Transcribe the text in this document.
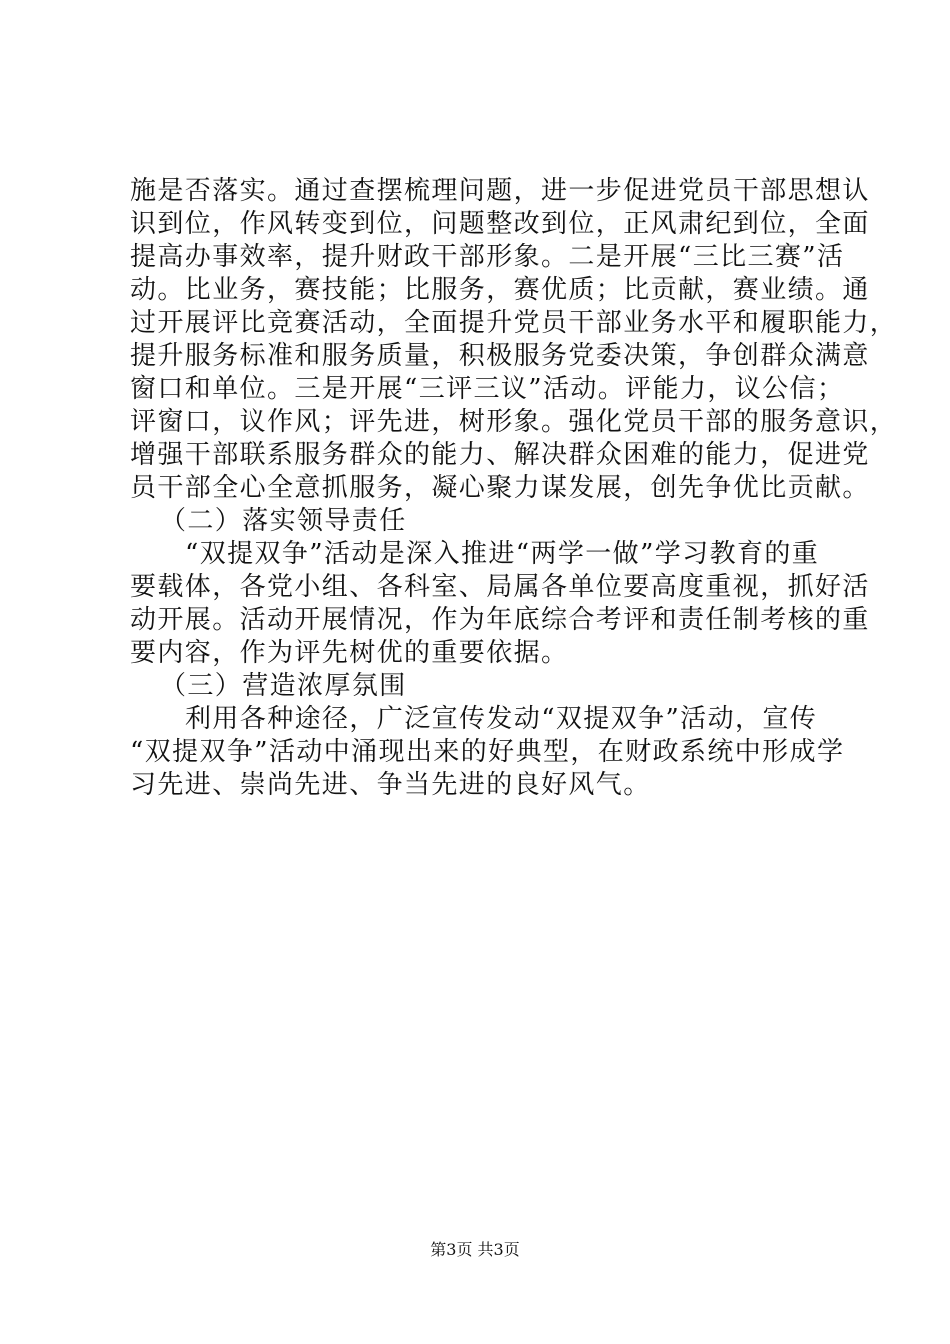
施是否落实。通过查摆梳理问题，进一步促进党员干部思想认
识到位，作风转变到位，问题整改到位，正风肃纪到位，全面
提高办事效率，提升财政干部形象。二是开展“三比三赛”活
动。比业务，赛技能；比服务，赛优质；比贡献，赛业绩。通
过开展评比竞赛活动，全面提升党员干部业务水平和履职能力，
提升服务标准和服务质量，积极服务党委决策，争创群众满意
窗口和单位。三是开展“三评三议”活动。评能力，议公信；
评窗口，议作风；评先进，树形象。强化党员干部的服务意识，
增强干部联系服务群众的能力、解决群众困难的能力，促进党
员干部全心全意抓服务，凝心聚力谋发展，创先争优比贡献。
（二）落实领导责任
“双提双争”活动是深入推进“两学一做”学习教育的重
要载体，各党小组、各科室、局属各单位要高度重视，抓好活
动开展。活动开展情况，作为年底综合考评和责任制考核的重
要内容，作为评先树优的重要依据。
（三）营造浓厚氛围
利用各种途径，广泛宣传发动“双提双争”活动，宣传
“双提双争”活动中涌现出来的好典型，在财政系统中形成学
习先进、崇尚先进、争当先进的良好风气。
第3页 共3页
